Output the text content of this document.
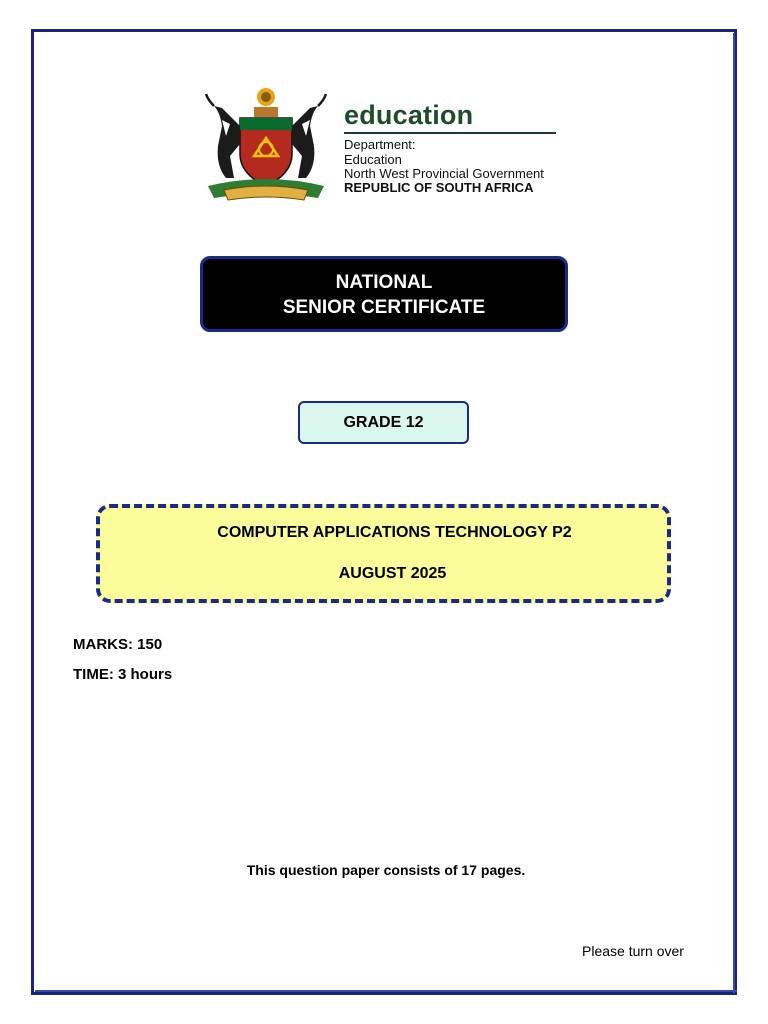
education
Department:
Education
North West Provincial Government
REPUBLIC OF SOUTH AFRICA
NATIONAL
SENIOR CERTIFICATE
GRADE 12
COMPUTER APPLICATIONS TECHNOLOGY P2
AUGUST 2025
MARKS: 150
TIME: 3 hours
This question paper consists of 17 pages.
Please turn over
